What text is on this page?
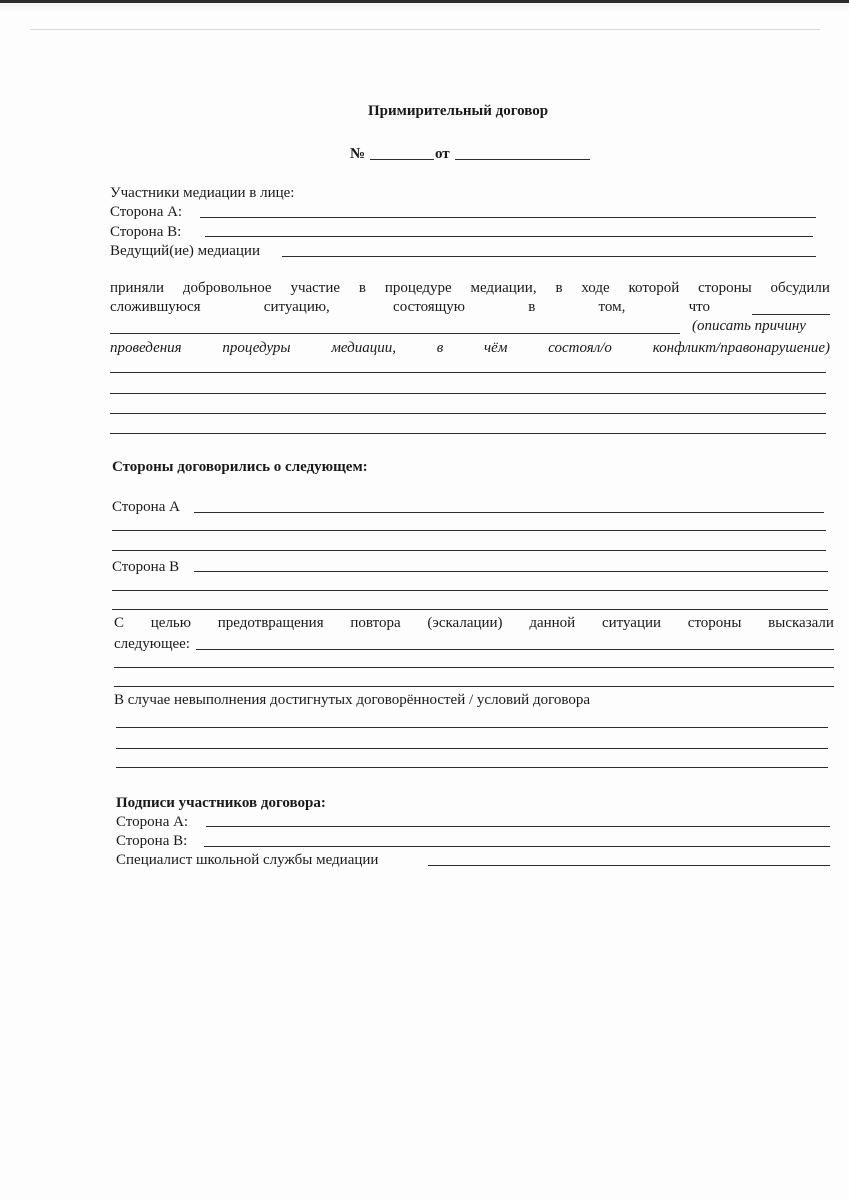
Примирительный договор
№	от
Участники медиации в лице:
Сторона А:
Сторона В:
Ведущий(ие) медиации
приняли добровольное участие в процедуре медиации, в ходе которой стороны обсудили
сложившуюся	ситуацию,	состоящую	в	том,	что
(описать причину
проведения	процедуры	медиации,	в	чём	состоял/о	конфликт/правонарушение)
Стороны договорились о следующем:
Сторона А
Сторона В
С целью предотвращения повтора (эскалации) данной ситуации стороны высказали
следующее:
В случае невыполнения достигнутых договорённостей / условий договора
Подписи участников договора:
Сторона А:
Сторона В:
Специалист школьной службы медиации
